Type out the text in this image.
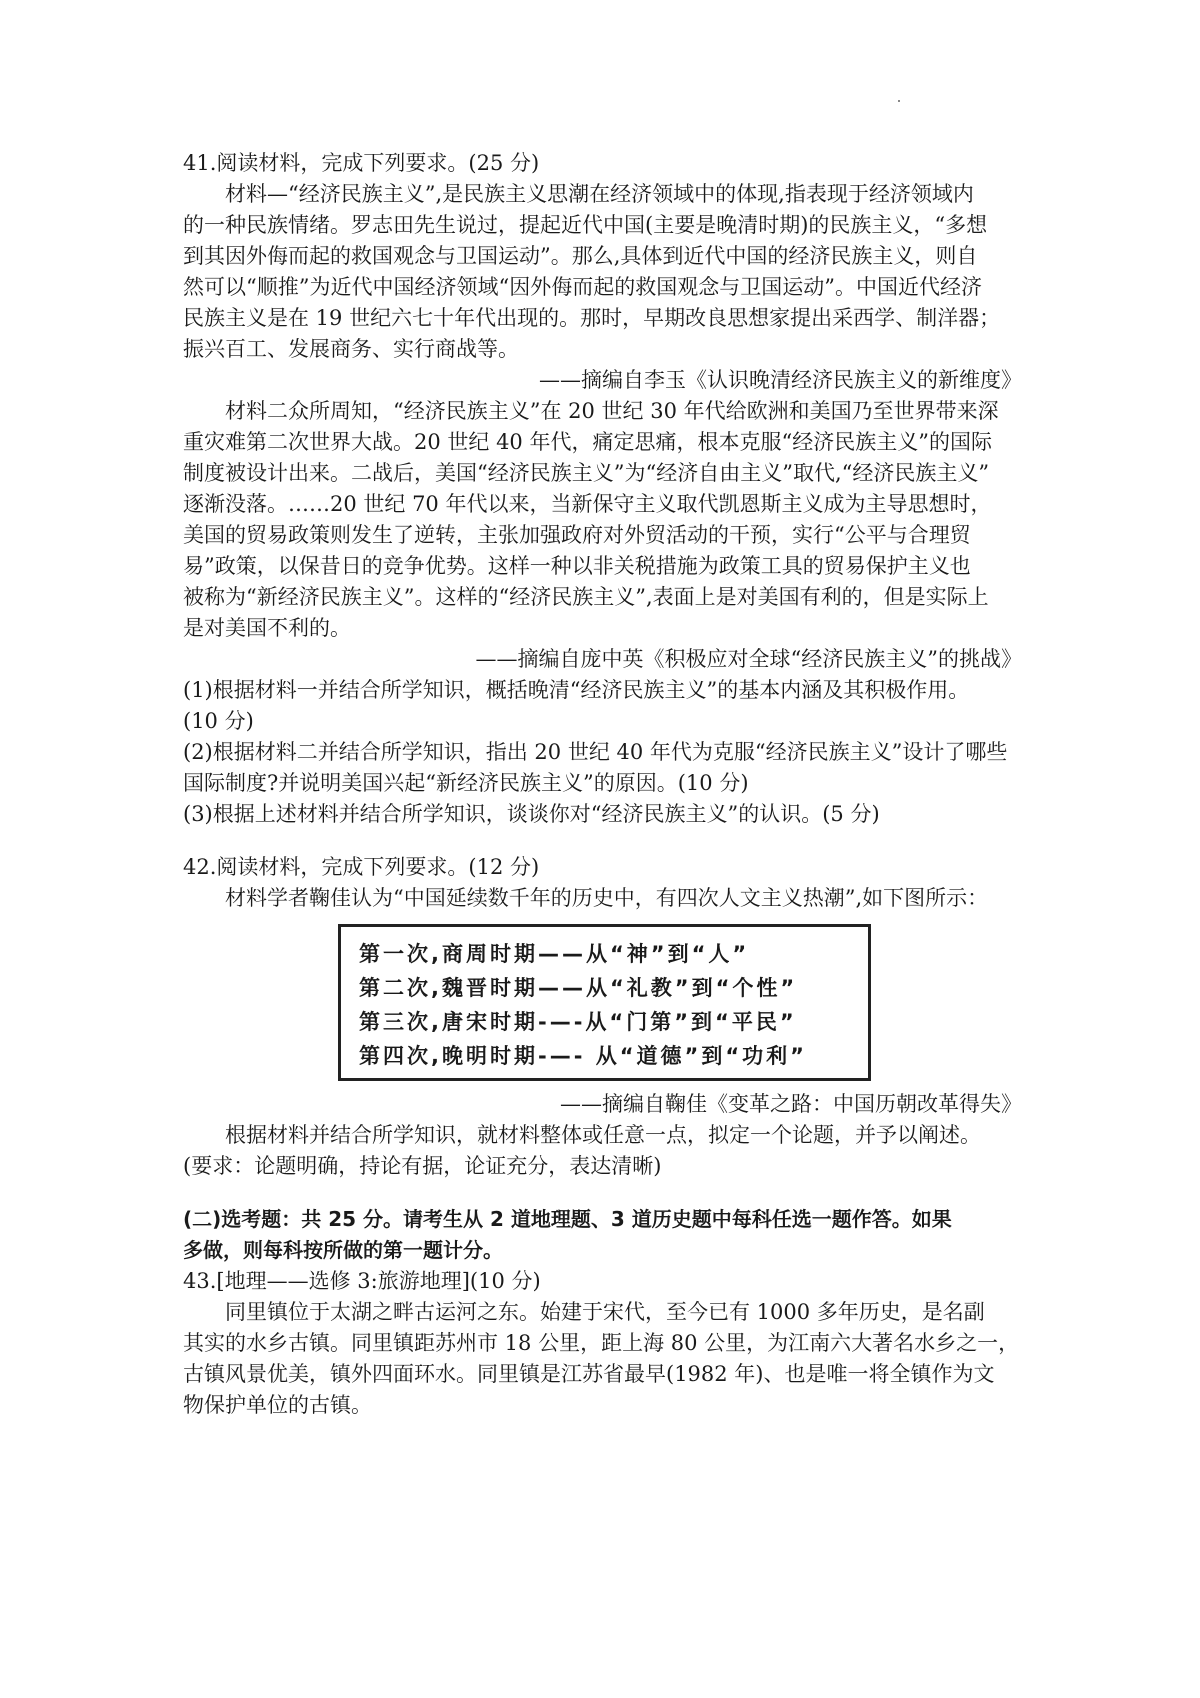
41.阅读材料，完成下列要求。(25 分)
材料—“经济民族主义”,是民族主义思潮在经济领域中的体现,指表现于经济领域内
的一种民族情绪。罗志田先生说过，提起近代中国(主要是晚清时期)的民族主义，“多想
到其因外侮而起的救国观念与卫国运动”。那么,具体到近代中国的经济民族主义，则自
然可以“顺推”为近代中国经济领域“因外侮而起的救国观念与卫国运动”。中国近代经济
民族主义是在 19 世纪六七十年代出现的。那时，早期改良思想家提出采西学、制洋器；
振兴百工、发展商务、实行商战等。
——摘编自李玉《认识晚清经济民族主义的新维度》
材料二众所周知，“经济民族主义”在 20 世纪 30 年代给欧洲和美国乃至世界带来深
重灾难第二次世界大战。20 世纪 40 年代，痛定思痛，根本克服“经济民族主义”的国际
制度被设计出来。二战后，美国“经济民族主义”为“经济自由主义”取代,“经济民族主义”
逐渐没落。……20 世纪 70 年代以来，当新保守主义取代凯恩斯主义成为主导思想时，
美国的贸易政策则发生了逆转，主张加强政府对外贸活动的干预，实行“公平与合理贸
易”政策，以保昔日的竞争优势。这样一种以非关税措施为政策工具的贸易保护主义也
被称为“新经济民族主义”。这样的“经济民族主义”,表面上是对美国有利的，但是实际上
是对美国不利的。
——摘编自庞中英《积极应对全球“经济民族主义”的挑战》
(1)根据材料一并结合所学知识，概括晚清“经济民族主义”的基本内涵及其积极作用。
(10 分)
(2)根据材料二并结合所学知识，指出 20 世纪 40 年代为克服“经济民族主义”设计了哪些
国际制度?并说明美国兴起“新经济民族主义”的原因。(10 分)
(3)根据上述材料并结合所学知识，谈谈你对“经济民族主义”的认识。(5 分)
42.阅读材料，完成下列要求。(12 分)
材料学者鞠佳认为“中国延续数千年的历史中，有四次人文主义热潮”,如下图所示：
第一次,商周时期——从“神”到“人”
第二次,魏晋时期——从“礼教”到“个性”
第三次,唐宋时期-—-从“门第”到“平民”
第四次,晚明时期-—- 从“道德”到“功利”
——摘编自鞠佳《变革之路：中国历朝改革得失》
根据材料并结合所学知识，就材料整体或任意一点，拟定一个论题，并予以阐述。
(要求：论题明确，持论有据，论证充分，表达清晰)
(二)选考题：共 25 分。请考生从 2 道地理题、3 道历史题中每科任选一题作答。如果
多做，则每科按所做的第一题计分。
43.[地理——选修 3:旅游地理](10 分)
同里镇位于太湖之畔古运河之东。始建于宋代，至今已有 1000 多年历史，是名副
其实的水乡古镇。同里镇距苏州市 18 公里，距上海 80 公里，为江南六大著名水乡之一，
古镇风景优美，镇外四面环水。同里镇是江苏省最早(1982 年)、也是唯一将全镇作为文
物保护单位的古镇。
